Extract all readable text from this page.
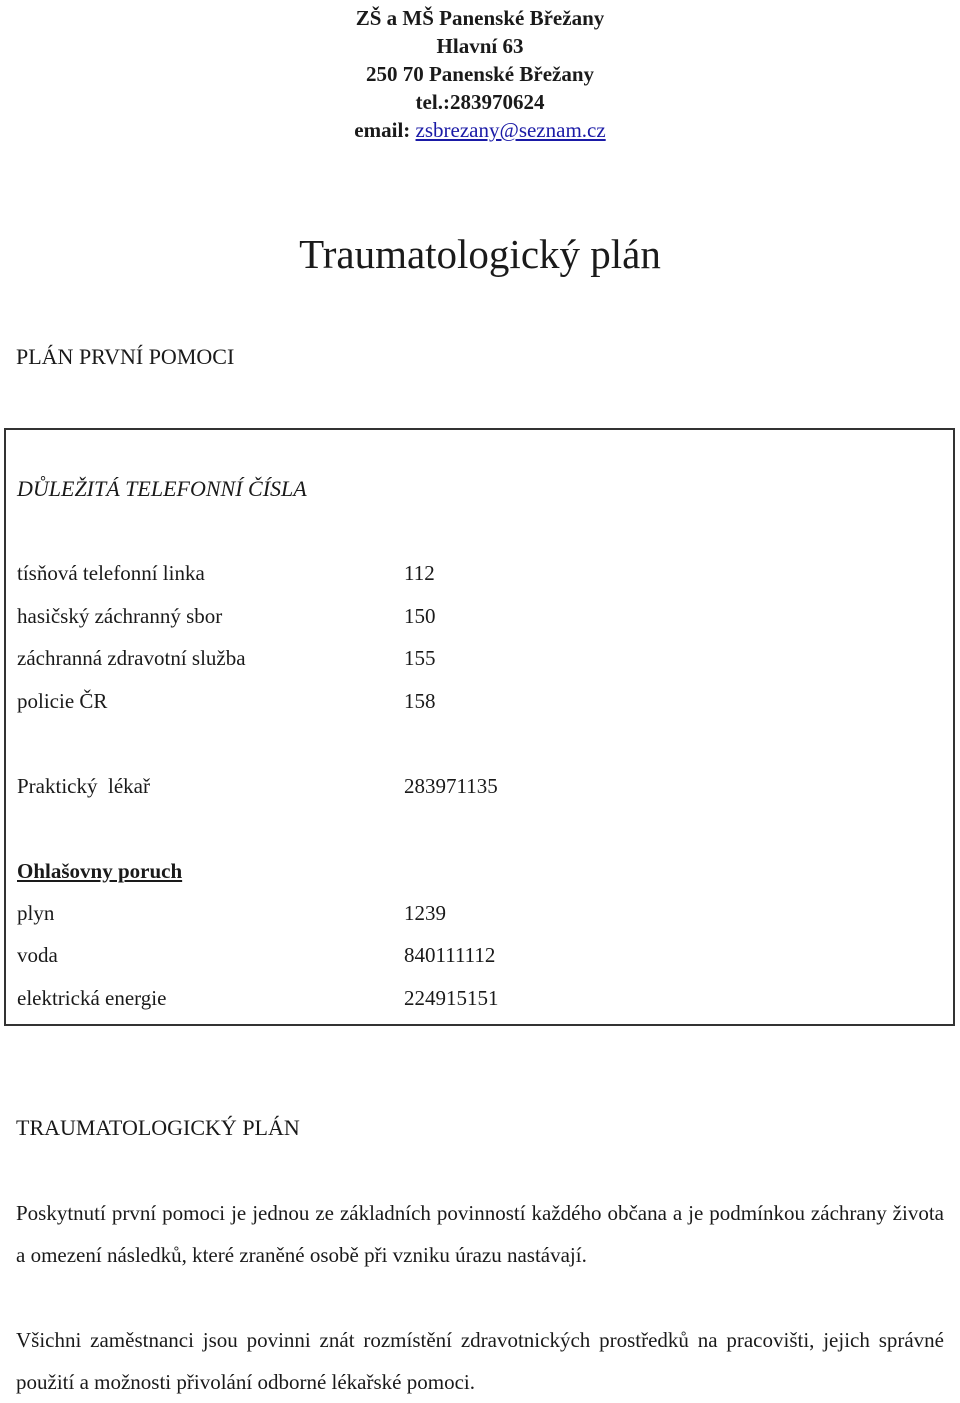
ZŠ a MŠ Panenské Břežany
Hlavní 63
250 70 Panenské Břežany
tel.:283970624
email: zsbrezany@seznam.cz
Traumatologický plán
PLÁN PRVNÍ POMOCI
DŮLEŽITÁ TELEFONNÍ ČÍSLA
tísňová telefonní linka	112
hasičský záchranný sbor	150
záchranná zdravotní služba	155
policie ČR	158
Praktický  lékař	283971135
Ohlašovny poruch
plyn	1239
voda	840111112
elektrická energie	224915151
TRAUMATOLOGICKÝ PLÁN
Poskytnutí první pomoci je jednou ze základních povinností každého občana a je podmínkou záchrany života a omezení následků, které zraněné osobě při vzniku úrazu nastávají.
Všichni zaměstnanci jsou povinni znát rozmístění zdravotnických prostředků na pracovišti, jejich správné použití a možnosti přivolání odborné lékařské pomoci.
